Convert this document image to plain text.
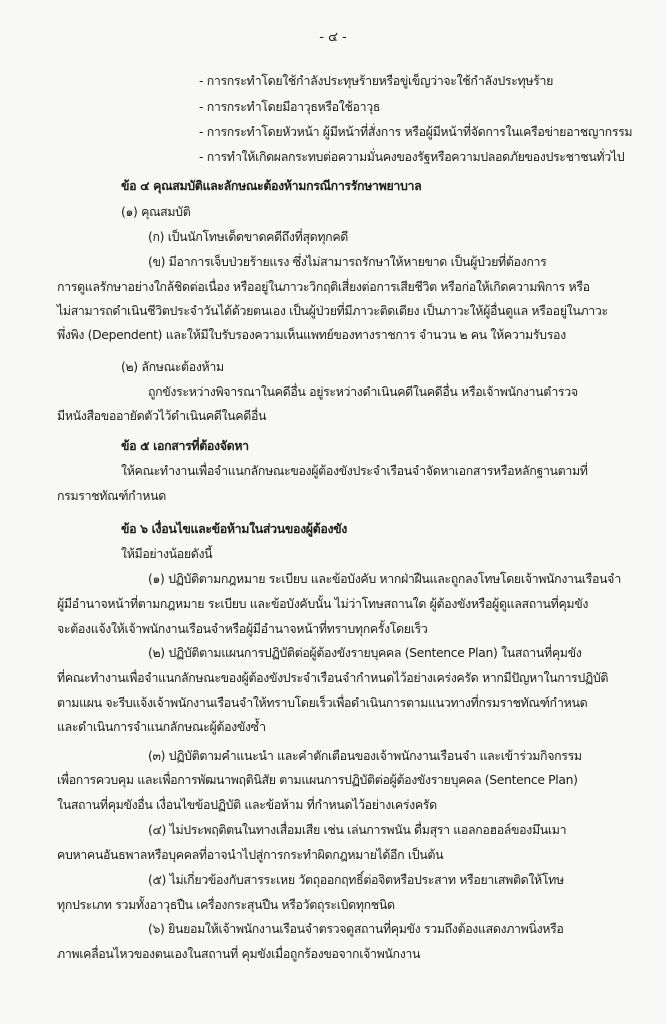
- ๔ -
- การกระทำโดยใช้กำลังประทุษร้ายหรือขู่เข็ญว่าจะใช้กำลังประทุษร้าย
- การกระทำโดยมีอาวุธหรือใช้อาวุธ
- การกระทำโดยหัวหน้า ผู้มีหน้าที่สั่งการ หรือผู้มีหน้าที่จัดการในเครือข่ายอาชญากรรม
- การทำให้เกิดผลกระทบต่อความมั่นคงของรัฐหรือความปลอดภัยของประชาชนทั่วไป
ข้อ ๔ คุณสมบัติและลักษณะต้องห้ามกรณีการรักษาพยาบาล
(๑) คุณสมบัติ
(ก) เป็นนักโทษเด็ดขาดคดีถึงที่สุดทุกคดี
(ข) มีอาการเจ็บป่วยร้ายแรง ซึ่งไม่สามารถรักษาให้หายขาด เป็นผู้ป่วยที่ต้องการ
การดูแลรักษาอย่างใกล้ชิดต่อเนื่อง หรืออยู่ในภาวะวิกฤติเสี่ยงต่อการเสียชีวิต หรือก่อให้เกิดความพิการ หรือ
ไม่สามารถดำเนินชีวิตประจำวันได้ด้วยตนเอง เป็นผู้ป่วยที่มีภาวะติดเตียง เป็นภาวะให้ผู้อื่นดูแล หรืออยู่ในภาวะ
พึ่งพิง (Dependent) และให้มีใบรับรองความเห็นแพทย์ของทางราชการ จำนวน ๒ คน ให้ความรับรอง
(๒) ลักษณะต้องห้าม
ถูกขังระหว่างพิจารณาในคดีอื่น อยู่ระหว่างดำเนินคดีในคดีอื่น หรือเจ้าพนักงานตำรวจ
มีหนังสือขออายัดตัวไว้ดำเนินคดีในคดีอื่น
ข้อ ๕ เอกสารที่ต้องจัดหา
ให้คณะทำงานเพื่อจำแนกลักษณะของผู้ต้องขังประจำเรือนจำจัดหาเอกสารหรือหลักฐานตามที่
กรมราชทัณฑ์กำหนด
ข้อ ๖ เงื่อนไขและข้อห้ามในส่วนของผู้ต้องขัง
ให้มีอย่างน้อยดังนี้
(๑) ปฏิบัติตามกฎหมาย ระเบียบ และข้อบังคับ หากฝ่าฝืนและถูกลงโทษโดยเจ้าพนักงานเรือนจำ
ผู้มีอำนาจหน้าที่ตามกฎหมาย ระเบียบ และข้อบังคับนั้น ไม่ว่าโทษสถานใด ผู้ต้องขังหรือผู้ดูแลสถานที่คุมขัง
จะต้องแจ้งให้เจ้าพนักงานเรือนจำหรือผู้มีอำนาจหน้าที่ทราบทุกครั้งโดยเร็ว
(๒) ปฏิบัติตามแผนการปฏิบัติต่อผู้ต้องขังรายบุคคล (Sentence Plan) ในสถานที่คุมขัง
ที่คณะทำงานเพื่อจำแนกลักษณะของผู้ต้องขังประจำเรือนจำกำหนดไว้อย่างเคร่งครัด หากมีปัญหาในการปฏิบัติ
ตามแผน จะรีบแจ้งเจ้าพนักงานเรือนจำให้ทราบโดยเร็วเพื่อดำเนินการตามแนวทางที่กรมราชทัณฑ์กำหนด
และดำเนินการจำแนกลักษณะผู้ต้องขังซ้ำ
(๓) ปฏิบัติตามคำแนะนำ และคำตักเตือนของเจ้าพนักงานเรือนจำ และเข้าร่วมกิจกรรม
เพื่อการควบคุม และเพื่อการพัฒนาพฤตินิสัย ตามแผนการปฏิบัติต่อผู้ต้องขังรายบุคคล (Sentence Plan)
ในสถานที่คุมขังอื่น เงื่อนไขข้อปฏิบัติ และข้อห้าม ที่กำหนดไว้อย่างเคร่งครัด
(๔) ไม่ประพฤติตนในทางเสื่อมเสีย เช่น เล่นการพนัน ดื่มสุรา แอลกอฮอล์ของมึนเมา
คบหาคนอันธพาลหรือบุคคลที่อาจนำไปสู่การกระทำผิดกฎหมายได้อีก เป็นต้น
(๕) ไม่เกี่ยวข้องกับสารระเหย วัตถุออกฤทธิ์ต่อจิตหรือประสาท หรือยาเสพติดให้โทษ
ทุกประเภท รวมทั้งอาวุธปืน เครื่องกระสุนปืน หรือวัตถุระเบิดทุกชนิด
(๖) ยินยอมให้เจ้าพนักงานเรือนจำตรวจดูสถานที่คุมขัง รวมถึงต้องแสดงภาพนิ่งหรือ
ภาพเคลื่อนไหวของตนเองในสถานที่ คุมขังเมื่อถูกร้องขอจากเจ้าพนักงาน
